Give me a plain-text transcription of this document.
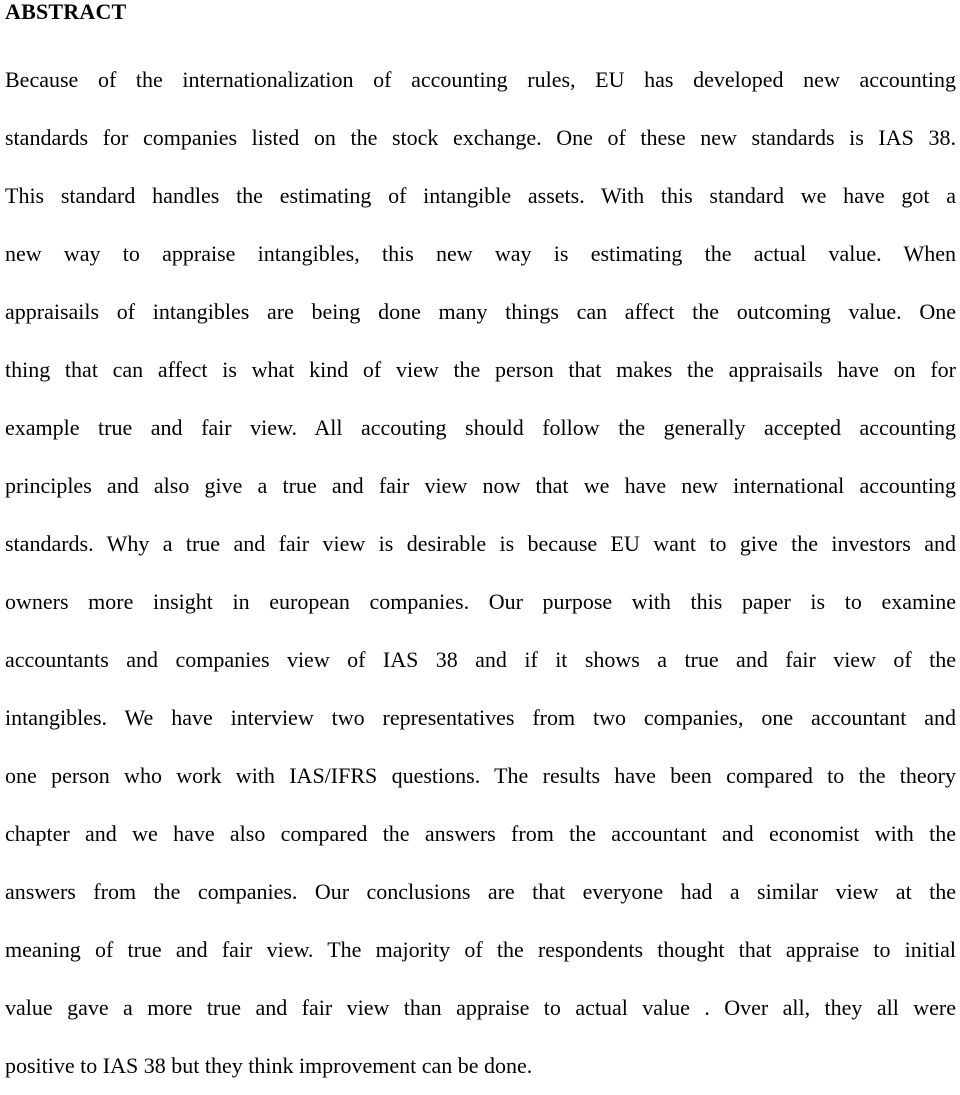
ABSTRACT
Because of the internationalization of accounting rules, EU has developed new accounting
standards for companies listed on the stock exchange. One of these new standards is IAS 38.
This standard handles the estimating of intangible assets. With this standard we have got a
new way to appraise intangibles, this new way is estimating the actual value. When
appraisails of intangibles are being done many things can affect the outcoming value. One
thing that can affect is what kind of view the person that makes the appraisails have on for
example true and fair view. All accouting should follow the generally accepted accounting
principles and also give a true and fair view now that we have new international accounting
standards. Why a true and fair view is desirable is because EU want to give the investors and
owners more insight in european companies. Our purpose with this paper is to examine
accountants and companies view of IAS 38 and if it shows a true and fair view of the
intangibles. We have interview two representatives from two companies, one accountant and
one person who work with IAS/IFRS questions. The results have been compared to the theory
chapter and we have also compared the answers from the accountant and economist with the
answers from the companies. Our conclusions are that everyone had a similar view at the
meaning of true and fair view. The majority of the respondents thought that appraise to initial
value gave a more true and fair view than appraise to actual value . Over all, they all were
positive to IAS 38 but they think improvement can be done.
